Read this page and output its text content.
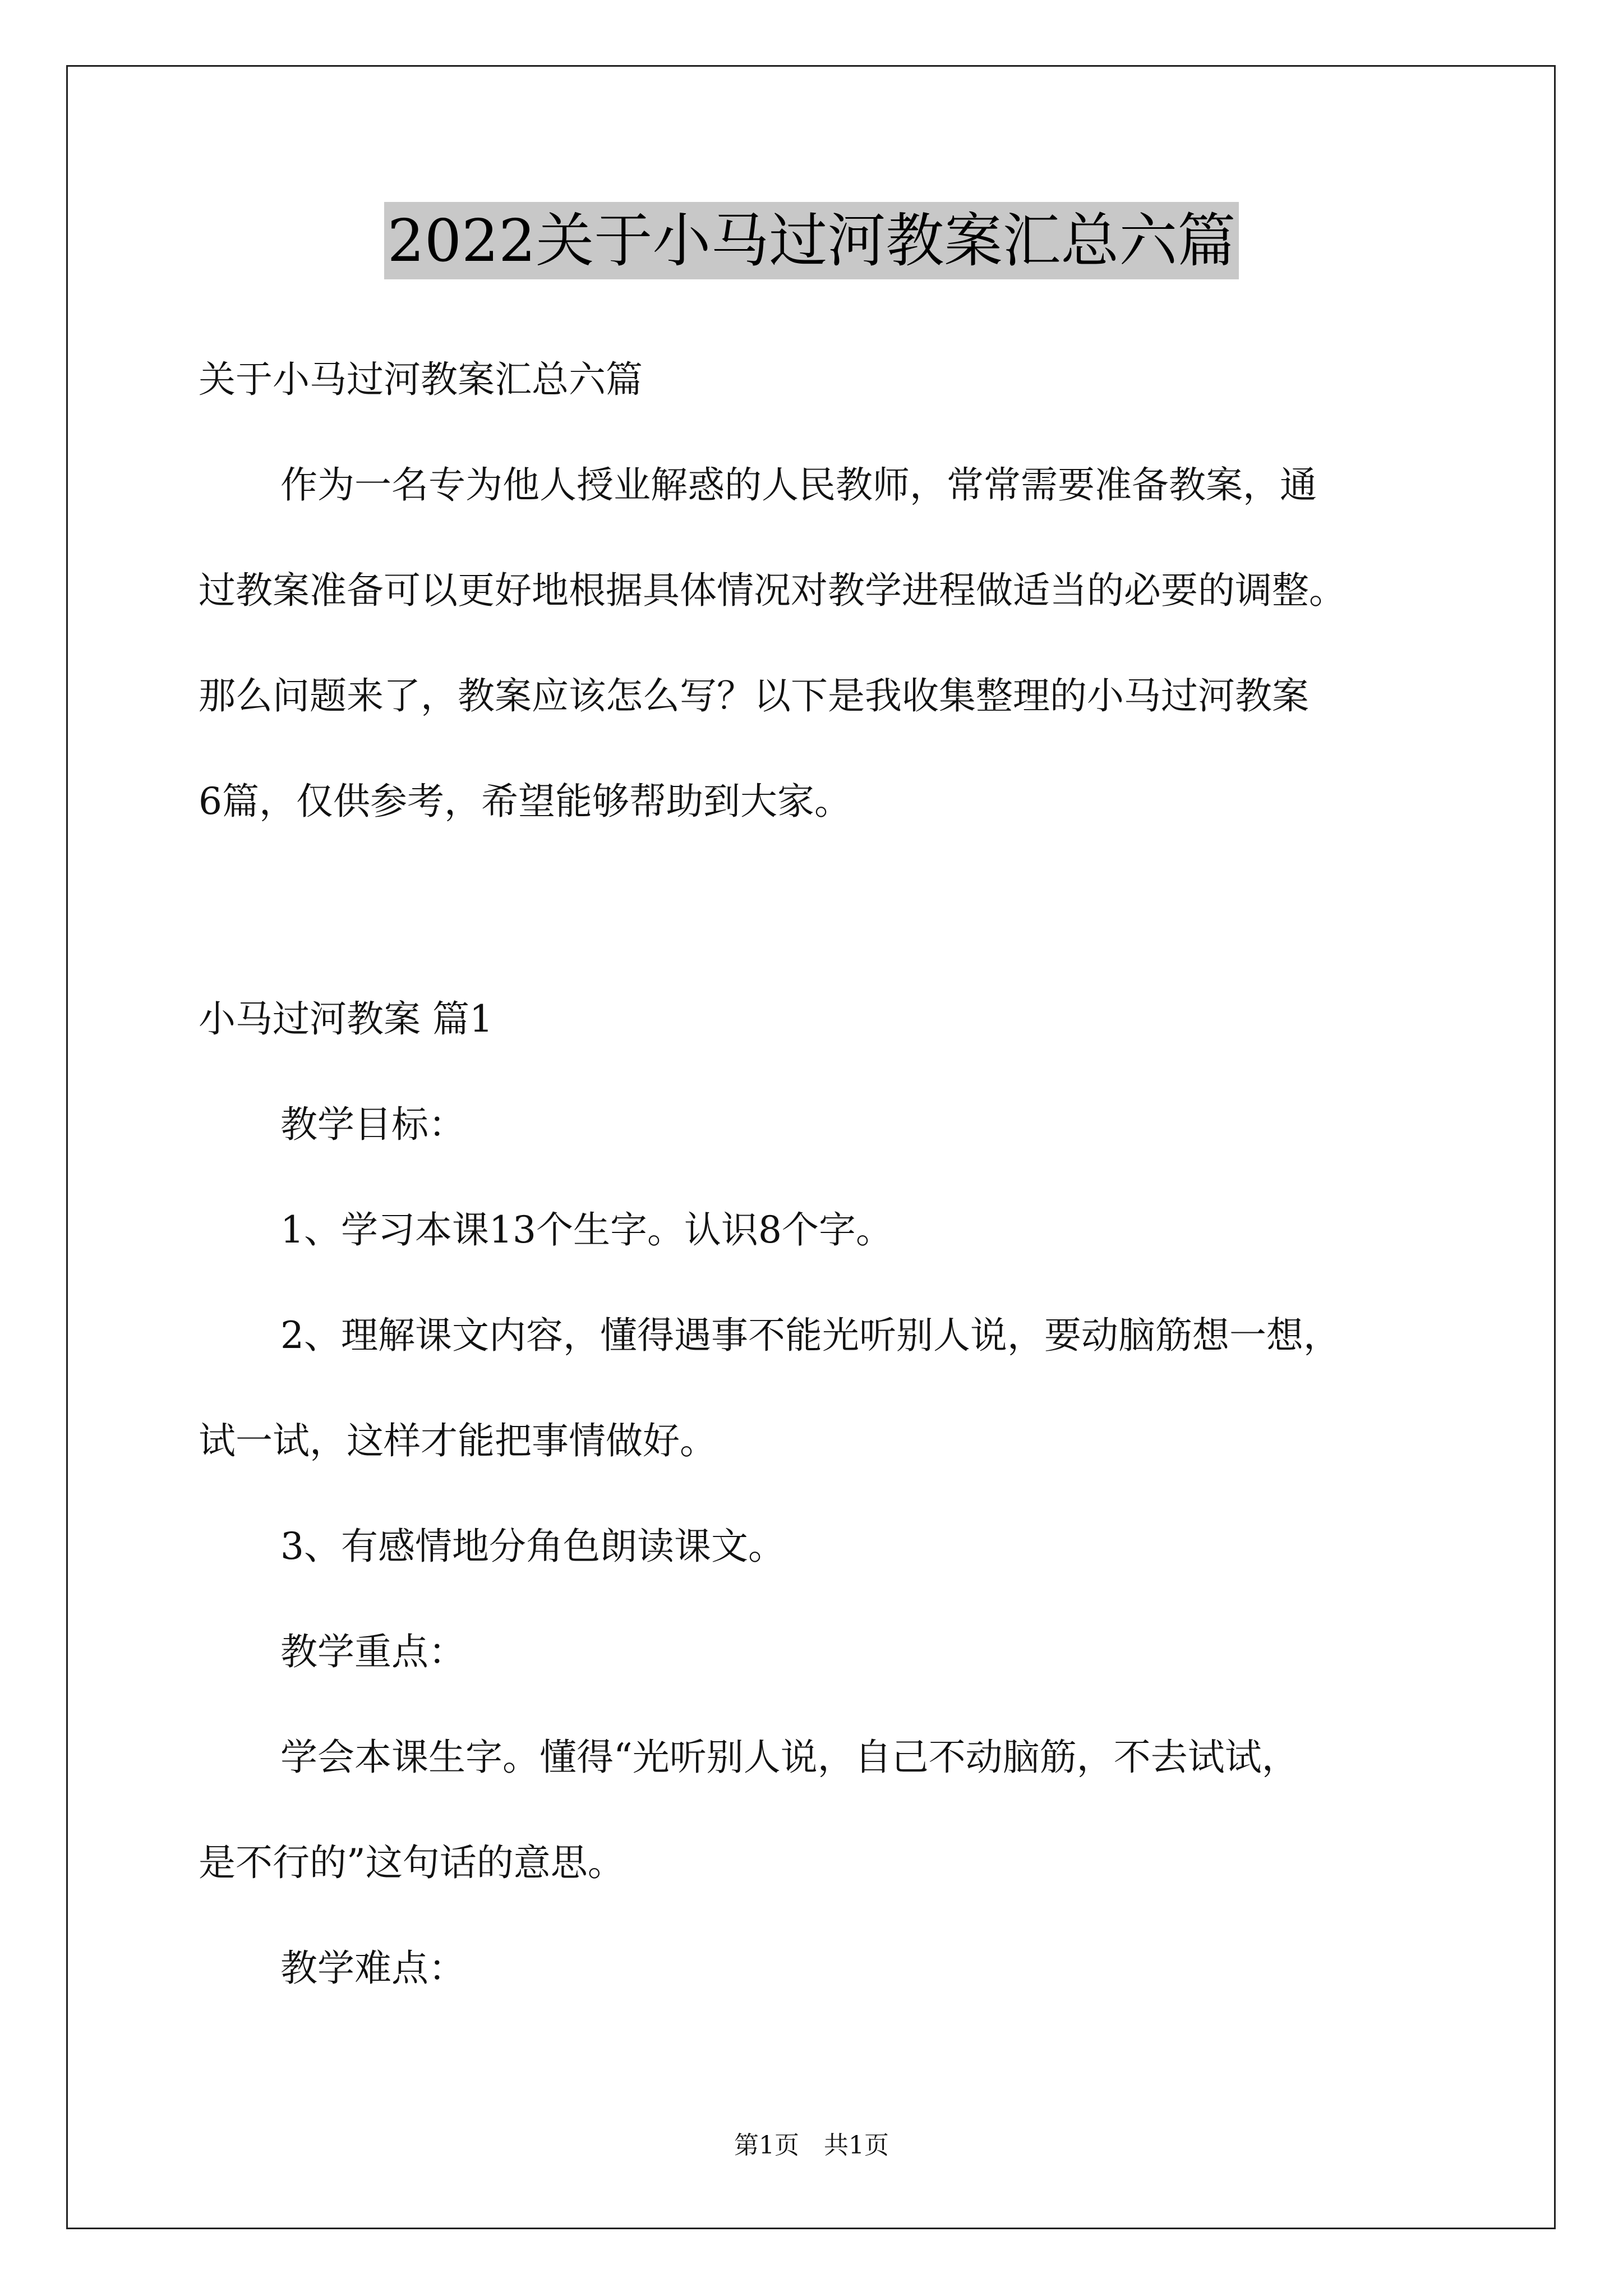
2022关于小马过河教案汇总六篇
关于小马过河教案汇总六篇
作为一名专为他人授业解惑的人民教师，常常需要准备教案，通
过教案准备可以更好地根据具体情况对教学进程做适当的必要的调整。
那么问题来了，教案应该怎么写？以下是我收集整理的小马过河教案
6篇，仅供参考，希望能够帮助到大家。
小马过河教案 篇1
教学目标：
1、学习本课13个生字。认识8个字。
2、理解课文内容，懂得遇事不能光听别人说，要动脑筋想一想，
试一试，这样才能把事情做好。
3、有感情地分角色朗读课文。
教学重点：
学会本课生字。懂得“光听别人说，自己不动脑筋，不去试试，
是不行的”这句话的意思。
教学难点：
第1页　共1页
